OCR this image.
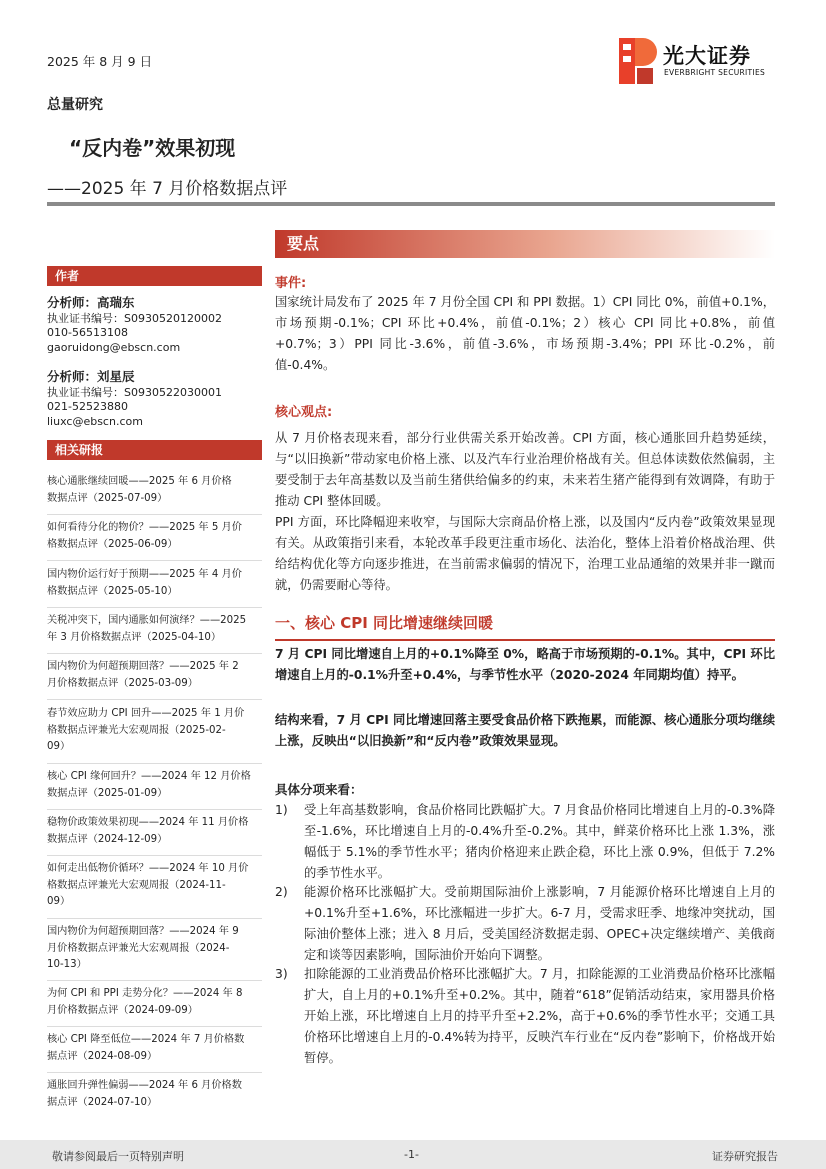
2025 年 8 月 9 日	光大证券
EVERBRIGHT SECURITIES
总量研究
“反内卷”效果初现
——2025 年 7 月价格数据点评
作者
分析师：高瑞东
执业证书编号：S0930520120002
010-56513108
gaoruidong@ebscn.com
分析师：刘星辰
执业证书编号：S0930522030001
021-52523880
liuxc@ebscn.com
相关研报
核心通胀继续回暖——2025 年 6 月价格
数据点评（2025-07-09）
如何看待分化的物价？——2025 年 5 月价
格数据点评（2025-06-09）
国内物价运行好于预期——2025 年 4 月价
格数据点评（2025-05-10）
关税冲突下，国内通胀如何演绎？——2025
年 3 月价格数据点评（2025-04-10）
国内物价为何超预期回落？——2025 年 2
月价格数据点评（2025-03-09）
春节效应助力 CPI 回升——2025 年 1 月价
格数据点评兼光大宏观周报（2025-02-
09）
核心 CPI 缘何回升？——2024 年 12 月价格
数据点评（2025-01-09）
稳物价政策效果初现——2024 年 11 月价格
数据点评（2024-12-09）
如何走出低物价循环？——2024 年 10 月价
格数据点评兼光大宏观周报（2024-11-
09）
国内物价为何超预期回落？——2024 年 9
月价格数据点评兼光大宏观周报（2024-
10-13）
为何 CPI 和 PPI 走势分化？——2024 年 8
月价格数据点评（2024-09-09）
核心 CPI 降至低位——2024 年 7 月价格数
据点评（2024-08-09）
通胀回升弹性偏弱——2024 年 6 月价格数
据点评（2024-07-10）
要点
事件:
国家统计局发布了 2025 年 7 月份全国 CPI 和 PPI 数据。1）CPI 同比 0%，前值+0.1%，市场预期-0.1%；CPI 环比+0.4%，前值-0.1%；2）核心 CPI 同比+0.8%，前值+0.7%；3）PPI 同比-3.6%，前值-3.6%，市场预期-3.4%；PPI 环比-0.2%，前值-0.4%。
核心观点:
从 7 月价格表现来看，部分行业供需关系开始改善。CPI 方面，核心通胀回升趋势延续，与“以旧换新”带动家电价格上涨、以及汽车行业治理价格战有关。但总体读数依然偏弱，主要受制于去年高基数以及当前生猪供给偏多的约束，未来若生猪产能得到有效调降，有助于推动 CPI 整体回暖。
PPI 方面，环比降幅迎来收窄，与国际大宗商品价格上涨，以及国内“反内卷”政策效果显现有关。从政策指引来看，本轮改革手段更注重市场化、法治化，整体上沿着价格战治理、供给结构优化等方向逐步推进，在当前需求偏弱的情况下，治理工业品通缩的效果并非一蹴而就，仍需要耐心等待。
一、核心 CPI 同比增速继续回暖
7 月 CPI 同比增速自上月的+0.1%降至 0%，略高于市场预期的-0.1%。其中，CPI 环比增速自上月的-0.1%升至+0.4%，与季节性水平（2020-2024 年同期均值）持平。
结构来看，7 月 CPI 同比增速回落主要受食品价格下跌拖累，而能源、核心通胀分项均继续上涨，反映出“以旧换新”和“反内卷”政策效果显现。
具体分项来看：
1) 受上年高基数影响，食品价格同比跌幅扩大。7 月食品价格同比增速自上月的-0.3%降至-1.6%，环比增速自上月的-0.4%升至-0.2%。其中，鲜菜价格环比上涨 1.3%，涨幅低于 5.1%的季节性水平；猪肉价格迎来止跌企稳，环比上涨 0.9%，但低于 7.2%的季节性水平。
2) 能源价格环比涨幅扩大。受前期国际油价上涨影响，7 月能源价格环比增速自上月的+0.1%升至+1.6%，环比涨幅进一步扩大。6-7 月，受需求旺季、地缘冲突扰动，国际油价整体上涨；进入 8 月后，受美国经济数据走弱、OPEC+决定继续增产、美俄商定和谈等因素影响，国际油价开始向下调整。
3) 扣除能源的工业消费品价格环比涨幅扩大。7 月，扣除能源的工业消费品价格环比涨幅扩大，自上月的+0.1%升至+0.2%。其中，随着“618”促销活动结束，家用器具价格开始上涨，环比增速自上月的持平升至+2.2%，高于+0.6%的季节性水平；交通工具价格环比增速自上月的-0.4%转为持平，反映汽车行业在“反内卷”影响下，价格战开始暂停。
敬请参阅最后一页特别声明	-1-	证券研究报告
